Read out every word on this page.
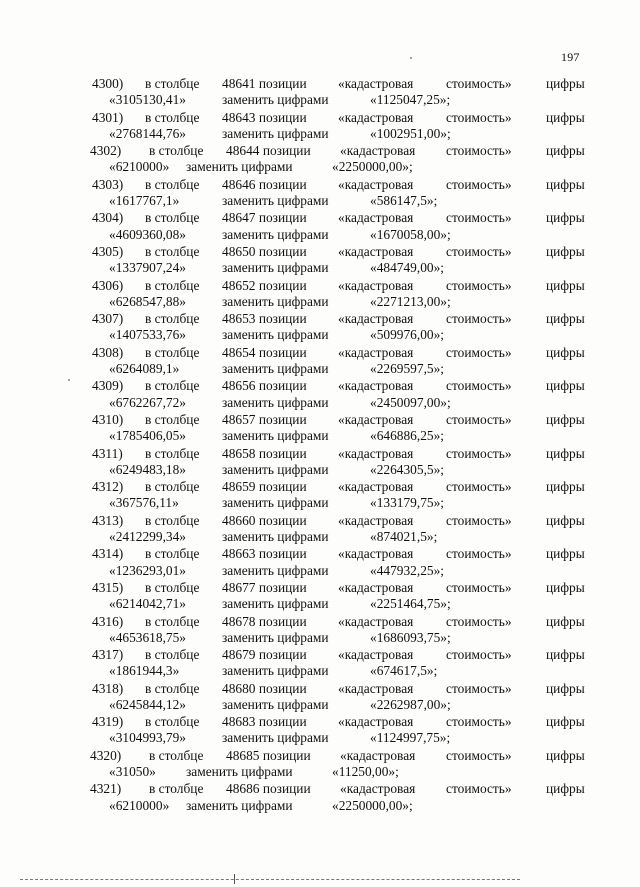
197
4300) в столбце 48641 позиции «кадастровая стоимость»	цифры
«3105130,41»	заменить цифрами	«1125047,25»;
4301) в столбце 48643 позиции «кадастровая стоимость»	цифры
«2768144,76»	заменить цифрами	«1002951,00»;
4302) в столбце 48644 позиции «кадастровая стоимость»	цифры
«6210000» заменить цифрами	«2250000,00»;
4303) в столбце 48646 позиции «кадастровая стоимость»	цифры
«1617767,1»	заменить цифрами	«586147,5»;
4304) в столбце 48647 позиции «кадастровая стоимость»	цифры
«4609360,08»	заменить цифрами	«1670058,00»;
4305) в столбце 48650 позиции «кадастровая стоимость»	цифры
«1337907,24»	заменить цифрами	«484749,00»;
4306) в столбце 48652 позиции «кадастровая стоимость»	цифры
«6268547,88»	заменить цифрами	«2271213,00»;
4307) в столбце 48653 позиции «кадастровая стоимость»	цифры
«1407533,76»	заменить цифрами	«509976,00»;
4308) в столбце 48654 позиции «кадастровая стоимость»	цифры
«6264089,1»	заменить цифрами	«2269597,5»;
4309) в столбце 48656 позиции «кадастровая стоимость»	цифры
«6762267,72»	заменить цифрами	«2450097,00»;
4310) в столбце 48657 позиции «кадастровая стоимость»	цифры
«1785406,05»	заменить цифрами	«646886,25»;
4311) в столбце 48658 позиции «кадастровая стоимость»	цифры
«6249483,18»	заменить цифрами	«2264305,5»;
4312) в столбце 48659 позиции «кадастровая стоимость»	цифры
«367576,11»	заменить цифрами	«133179,75»;
4313) в столбце 48660 позиции «кадастровая стоимость»	цифры
«2412299,34»	заменить цифрами	«874021,5»;
4314) в столбце 48663 позиции «кадастровая стоимость»	цифры
«1236293,01»	заменить цифрами	«447932,25»;
4315) в столбце 48677 позиции «кадастровая стоимость»	цифры
«6214042,71»	заменить цифрами	«2251464,75»;
4316) в столбце 48678 позиции «кадастровая стоимость»	цифры
«4653618,75»	заменить цифрами	«1686093,75»;
4317) в столбце 48679 позиции «кадастровая стоимость»	цифры
«1861944,3»	заменить цифрами	«674617,5»;
4318) в столбце 48680 позиции «кадастровая стоимость»	цифры
«6245844,12»	заменить цифрами	«2262987,00»;
4319) в столбце 48683 позиции «кадастровая стоимость»	цифры
«3104993,79»	заменить цифрами	«1124997,75»;
4320) в столбце 48685 позиции «кадастровая стоимость»	цифры
«31050» заменить цифрами	«11250,00»;
4321) в столбце 48686 позиции «кадастровая стоимость»	цифры
«6210000» заменить цифрами	«2250000,00»;
